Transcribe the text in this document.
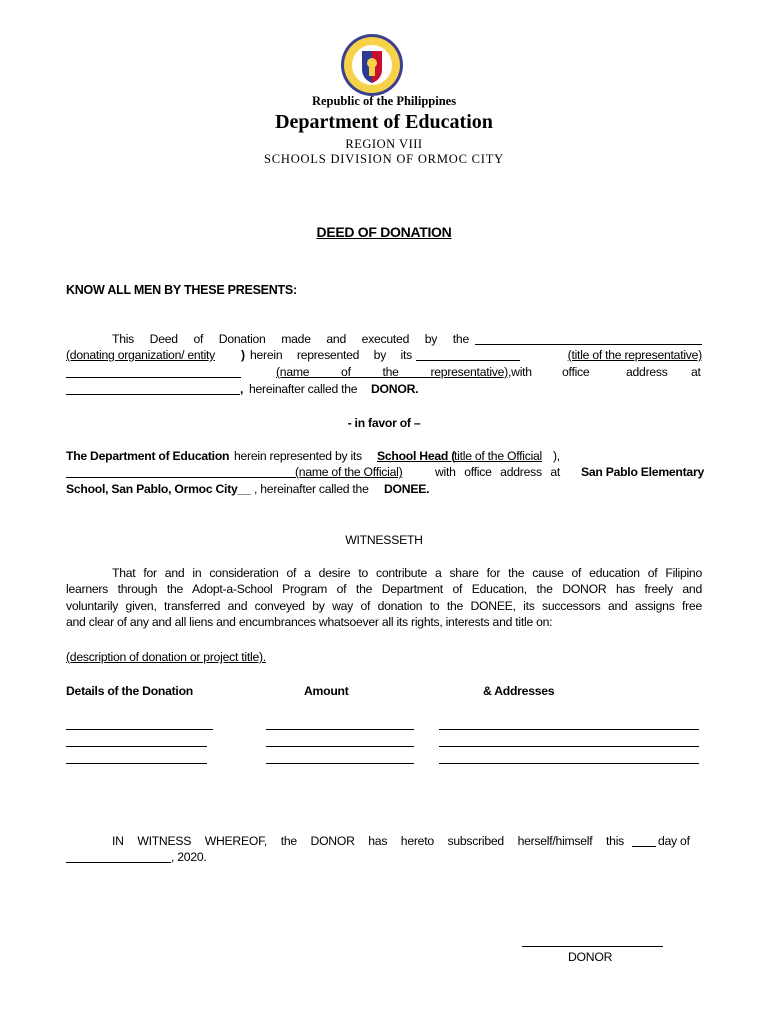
Republic of the Philippines
Department of Education
REGION VIII
SCHOOLS DIVISION OF ORMOC CITY
DEED OF DONATION
KNOW ALL MEN BY THESE PRESENTS:
This Deed of Donation made and executed by the
(donating organization/ entity ) herein represented by its	(title of the representative)
(name of the representative) ,with office	address at
, hereinafter called the DONOR.
- in favor of –
The Department of Education herein represented by its School Head (
title of the Official ),
(name of the Official)	with office address at	San Pablo Elementary
School, San Pablo, Ormoc City__ , hereinafter called the DONEE.
WITNESSETH
That for and in consideration of a desire to contribute a share for the cause of education of Filipino
learners through the Adopt-a-School Program of the Department of Education, the DONOR has freely and
voluntarily given, transferred and conveyed by way of donation to the DONEE, its successors and assigns free
and clear of any and all liens and encumbrances whatsoever all its rights, interests and title on:
(description of donation or project title).
Details of the Donation	Amount	& Addresses
IN WITNESS WHEREOF, the DONOR has hereto subscribed herself/himself this	day of
, 2020.
DONOR
